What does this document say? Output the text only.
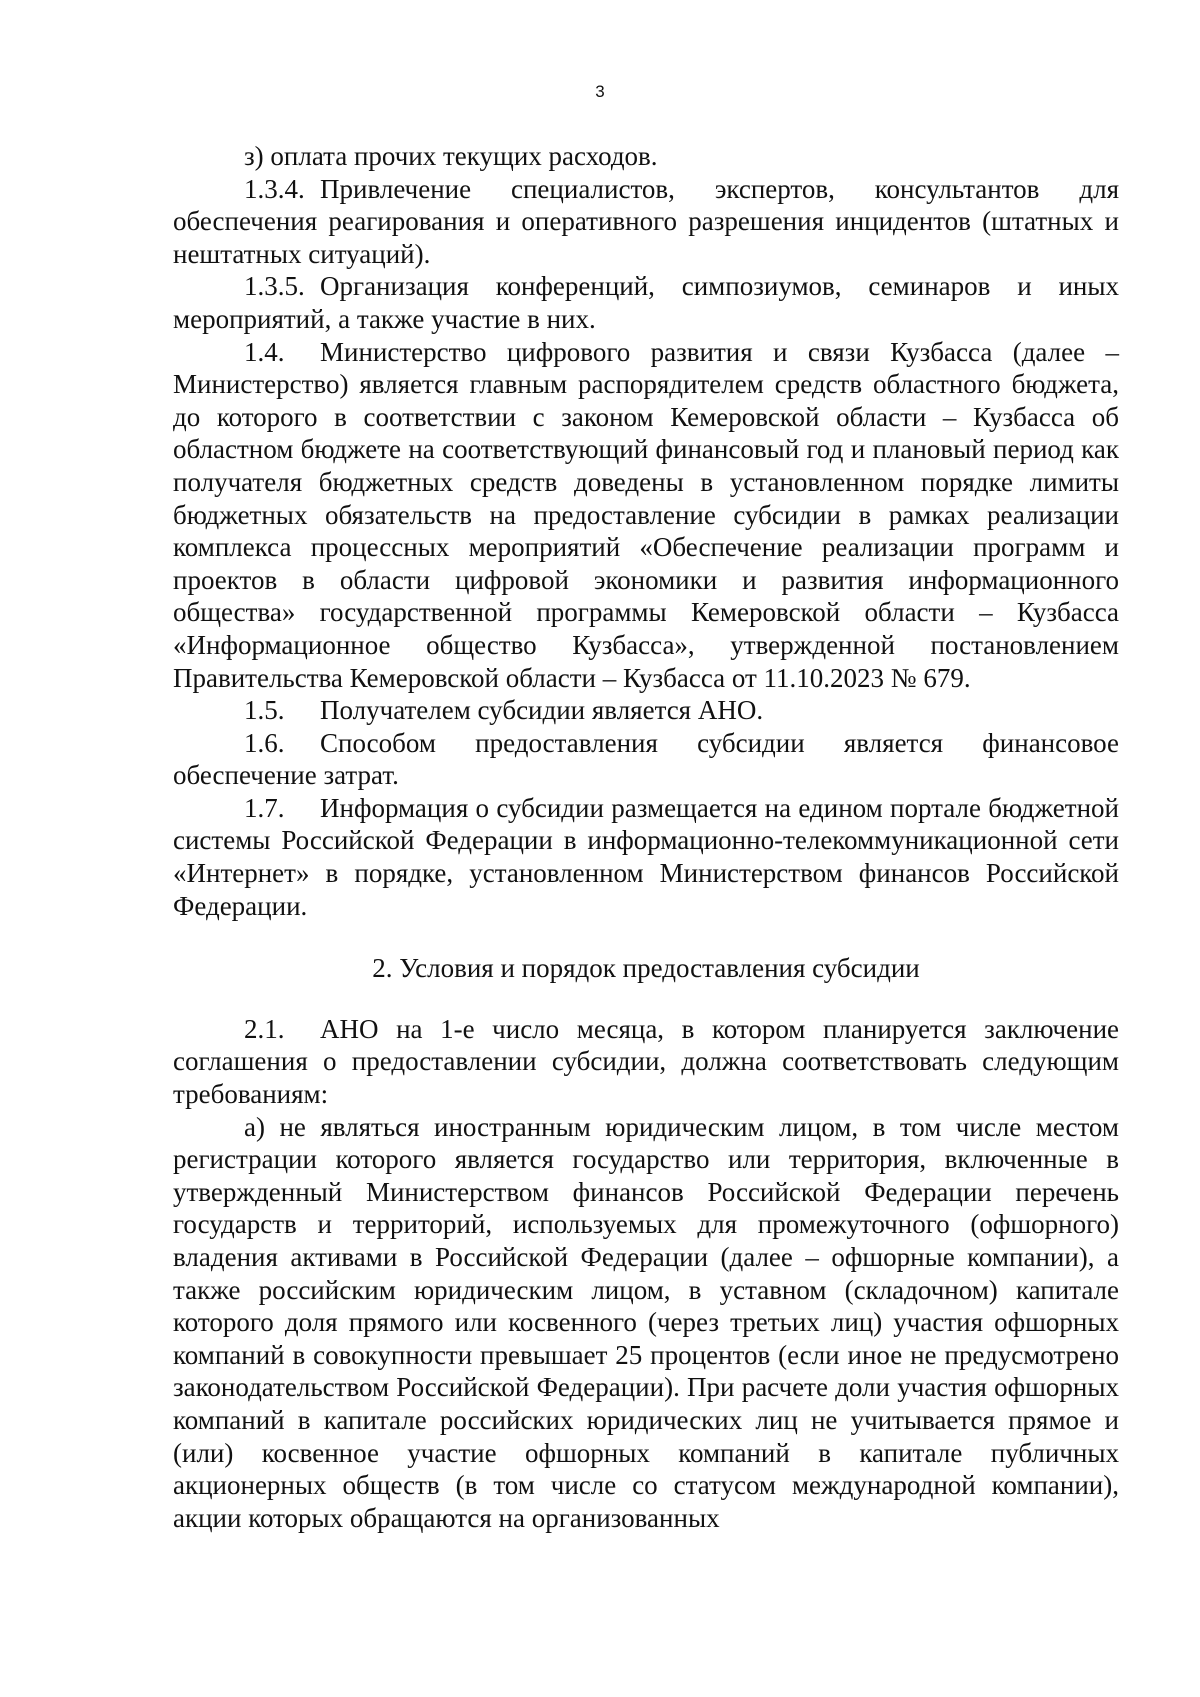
3
з) оплата прочих текущих расходов.
1.3.4. Привлечение специалистов, экспертов, консультантов для обеспечения реагирования и оперативного разрешения инцидентов (штатных и нештатных ситуаций).
1.3.5. Организация конференций, симпозиумов, семинаров и иных мероприятий, а также участие в них.
1.4. Министерство цифрового развития и связи Кузбасса (далее – Министерство) является главным распорядителем средств областного бюджета, до которого в соответствии с законом Кемеровской области – Кузбасса об областном бюджете на соответствующий финансовый год и плановый период как получателя бюджетных средств доведены в установленном порядке лимиты бюджетных обязательств на предоставление субсидии в рамках реализации комплекса процессных мероприятий «Обеспечение реализации программ и проектов в области цифровой экономики и развития информационного общества» государственной программы Кемеровской области – Кузбасса «Информационное общество Кузбасса», утвержденной постановлением Правительства Кемеровской области – Кузбасса от 11.10.2023 № 679.
1.5. Получателем субсидии является АНО.
1.6. Способом предоставления субсидии является финансовое обеспечение затрат.
1.7. Информация о субсидии размещается на едином портале бюджетной системы Российской Федерации в информационно-телекоммуникационной сети «Интернет» в порядке, установленном Министерством финансов Российской Федерации.
2. Условия и порядок предоставления субсидии
2.1. АНО на 1-е число месяца, в котором планируется заключение соглашения о предоставлении субсидии, должна соответствовать следующим требованиям:
а) не являться иностранным юридическим лицом, в том числе местом регистрации которого является государство или территория, включенные в утвержденный Министерством финансов Российской Федерации перечень государств и территорий, используемых для промежуточного (офшорного) владения активами в Российской Федерации (далее – офшорные компании), а также российским юридическим лицом, в уставном (складочном) капитале которого доля прямого или косвенного (через третьих лиц) участия офшорных компаний в совокупности превышает 25 процентов (если иное не предусмотрено законодательством Российской Федерации). При расчете доли участия офшорных компаний в капитале российских юридических лиц не учитывается прямое и (или) косвенное участие офшорных компаний в капитале публичных акционерных обществ (в том числе со статусом международной компании), акции которых обращаются на организованных
